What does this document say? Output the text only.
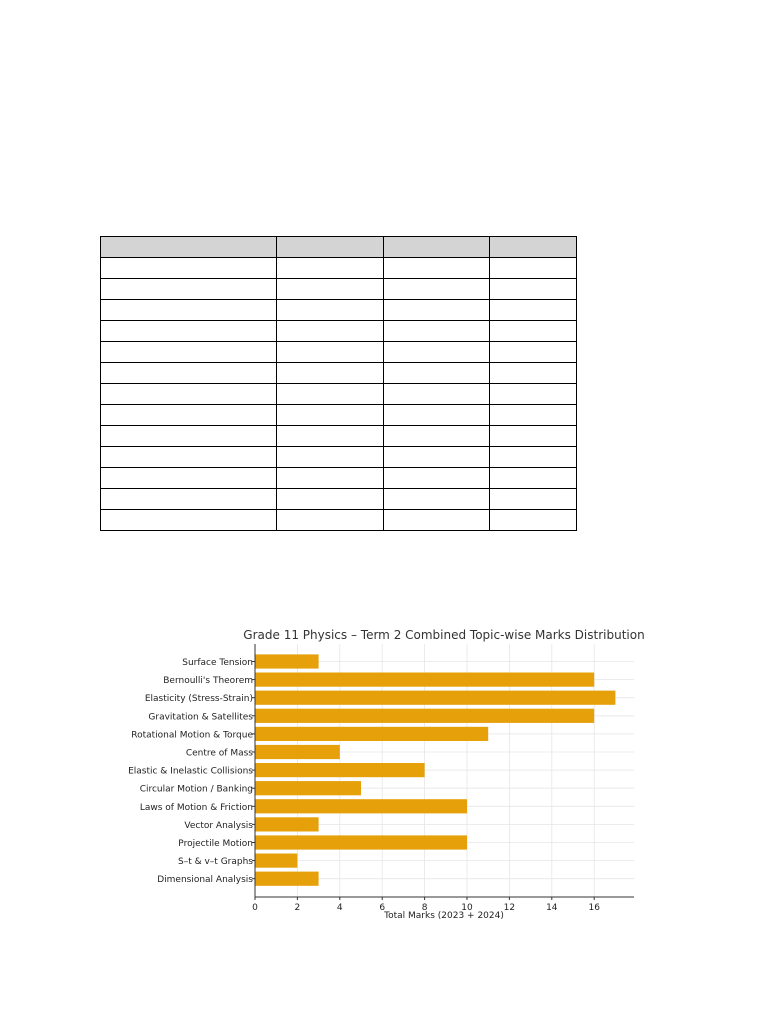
Grade 11 Physics – Term 2 Combined Topic-wise Marks Distribution
0	2	4	6	8	10	12	14	16
Surface Tension
Bernoulli's Theorem
Elasticity (Stress-Strain)
Gravitation & Satellites
Rotational Motion & Torque
Centre of Mass
Elastic & Inelastic Collisions
Circular Motion / Banking
Laws of Motion & Friction
Vector Analysis
Projectile Motion
S–t & v–t Graphs
Dimensional Analysis
Total Marks (2023 + 2024)
